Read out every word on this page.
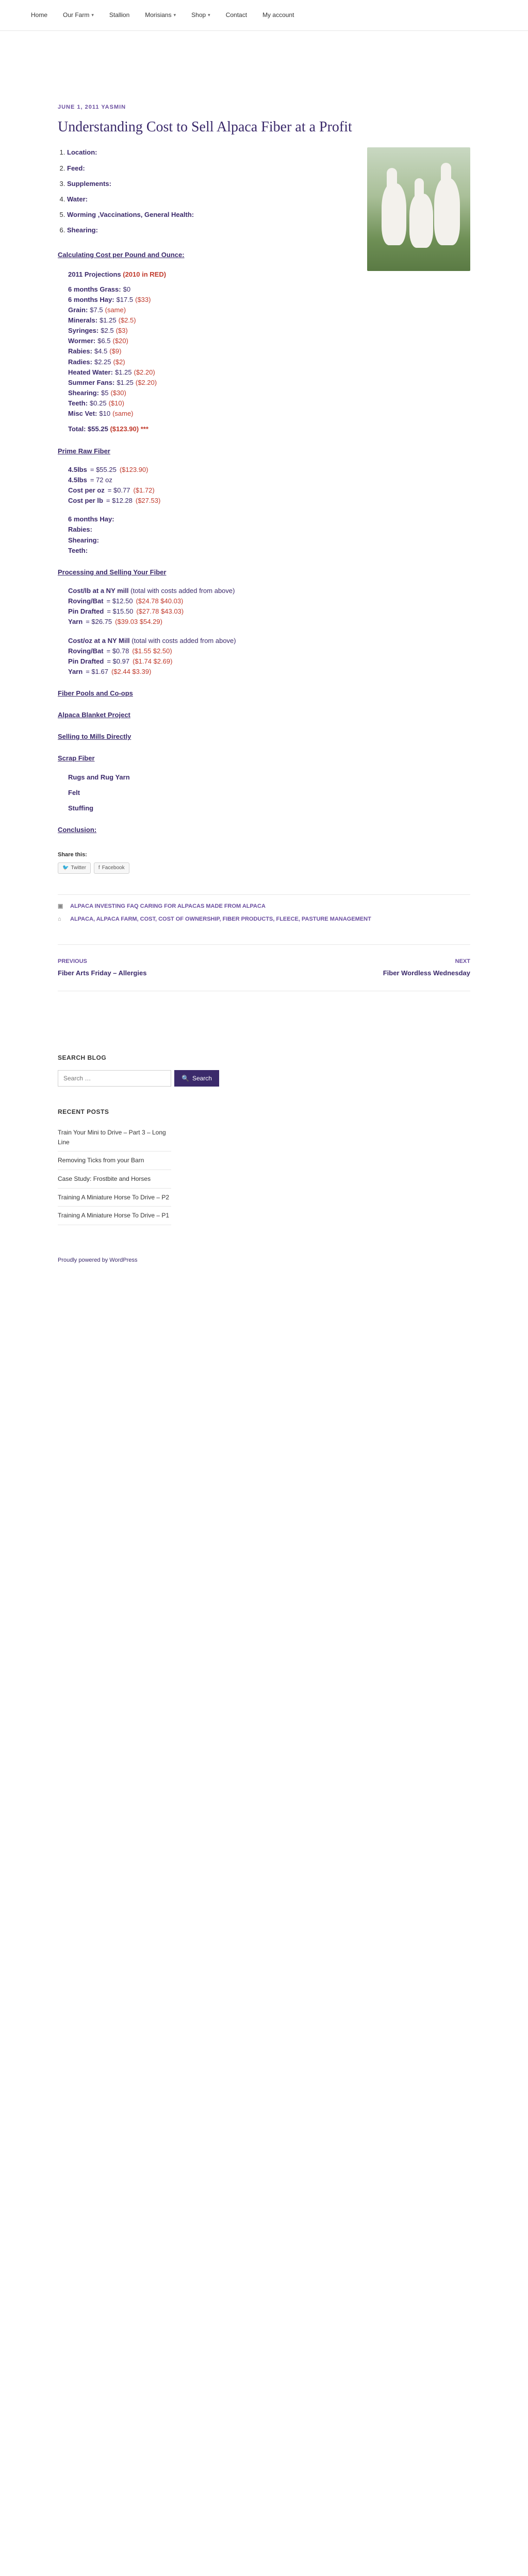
Home	Our Farm ▾	Stallion	Morisians ▾	Shop ▾	Contact	My account
JUNE 1, 2011 YASMIN
Understanding Cost to Sell Alpaca Fiber at a Profit
1. Location:
2. Feed:
3. Supplements:
4. Water:
5. Worming ,Vaccinations, General Health:
6. Shearing:
Calculating Cost per Pound and Ounce:
2011 Projections (2010 in RED)
6 months Grass: $0
6 months Hay: $17.5 ($33)
Grain: $7.5 (same)
Minerals: $1.25 ($2.5)
Syringes: $2.5 ($3)
Wormer: $6.5 ($20)
Rabies: $4.5 ($9)
Radies: $2.25 ($2)
Heated Water: $1.25 ($2.20)
Summer Fans: $1.25 ($2.20)
Shearing: $5 ($30)
Teeth: $0.25 ($10)
Misc Vet: $10 (same)
Total: $55.25 ($123.90) ***
Prime Raw Fiber
4.5lbs = $55.25 ($123.90)
4.5lbs = 72 oz
Cost per oz = $0.77 ($1.72)
Cost per lb = $12.28 ($27.53)
6 months Hay:
Rabies:
Shearing:
Teeth:
Processing and Selling Your Fiber
Cost/lb at a NY mill (total with costs added from above)
Roving/Bat = $12.50 ($24.78 $40.03)
Pin Drafted = $15.50 ($27.78 $43.03)
Yarn = $26.75 ($39.03 $54.29)
Cost/oz at a NY Mill (total with costs added from above)
Roving/Bat = $0.78 ($1.55 $2.50)
Pin Drafted = $0.97 ($1.74 $2.69)
Yarn = $1.67 ($2.44 $3.39)
Fiber Pools and Co-ops
Alpaca Blanket Project
Selling to Mills Directly
Scrap Fiber
Rugs and Rug Yarn
Felt
Stuffing
Conclusion:
Share this:
🐦 Twitter f Facebook
▣	ALPACA INVESTING FAQ CARING FOR ALPACAS MADE FROM ALPACA
⌂	ALPACA, ALPACA FARM, COST, COST OF OWNERSHIP, FIBER PRODUCTS, FLEECE, PASTURE MANAGEMENT
PREVIOUS
Fiber Arts Friday – Allergies
NEXT
Fiber Wordless Wednesday
SEARCH BLOG
Search …
🔍 Search
RECENT POSTS
Train Your Mini to Drive – Part 3 – Long Line
Removing Ticks from your Barn
Case Study: Frostbite and Horses
Training A Miniature Horse To Drive – P2
Training A Miniature Horse To Drive – P1
Proudly powered by WordPress
